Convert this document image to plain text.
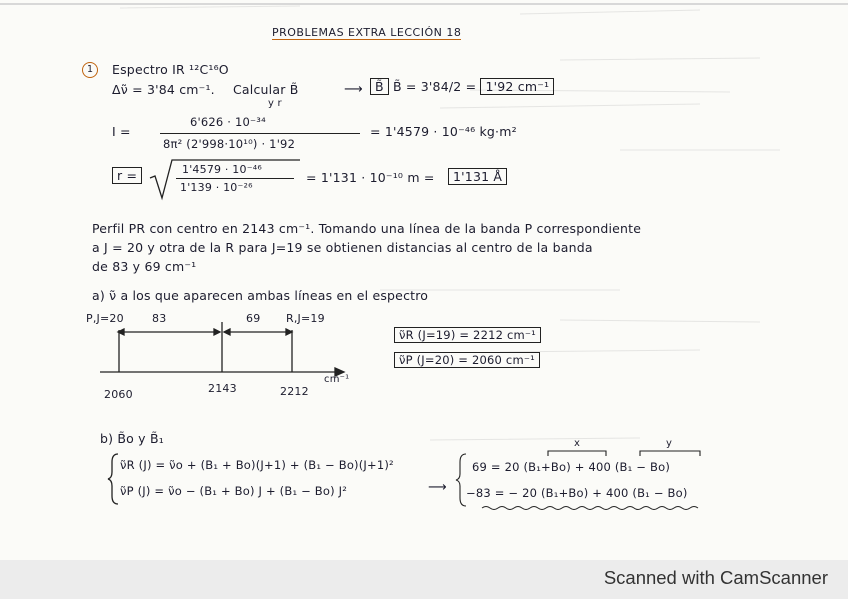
PROBLEMAS EXTRA LECCIÓN 18
1	Espectro IR ¹²C¹⁶O
Δν̃ = 3'84 cm⁻¹. Calcular B̃
y r
⟶ B̃ B̃ = 3'84/2 = 1'92 cm⁻¹
I =
6'626 · 10⁻³⁴
8π² (2'998·10¹⁰) · 1'92
= 1'4579 · 10⁻⁴⁶ kg·m²
r =	1'4579 · 10⁻⁴⁶
1'139 · 10⁻²⁶
= 1'131 · 10⁻¹⁰ m =	1'131 Å
Perfil PR con centro en 2143 cm⁻¹. Tomando una línea de la banda P correspondiente
a J = 20 y otra de la R para J=19 se obtienen distancias al centro de la banda
de 83 y 69 cm⁻¹
a) ν̃ a los que aparecen ambas líneas en el espectro
P,J=20	83	69 R,J=19
2060	2143	2212
cm⁻¹
ν̃R (J=19) = 2212 cm⁻¹
ν̃P (J=20) = 2060 cm⁻¹
b) B̃o y B̃₁
ν̃R (J) = ν̃o + (B₁ + Bo)(J+1) + (B₁ − Bo)(J+1)²
ν̃P (J) = ν̃o − (B₁ + Bo) J + (B₁ − Bo) J²	⟶
x	y
69 = 20 (B₁+Bo) + 400 (B₁ − Bo)
−83 = − 20 (B₁+Bo) + 400 (B₁ − Bo)
Scanned with CamScanner
